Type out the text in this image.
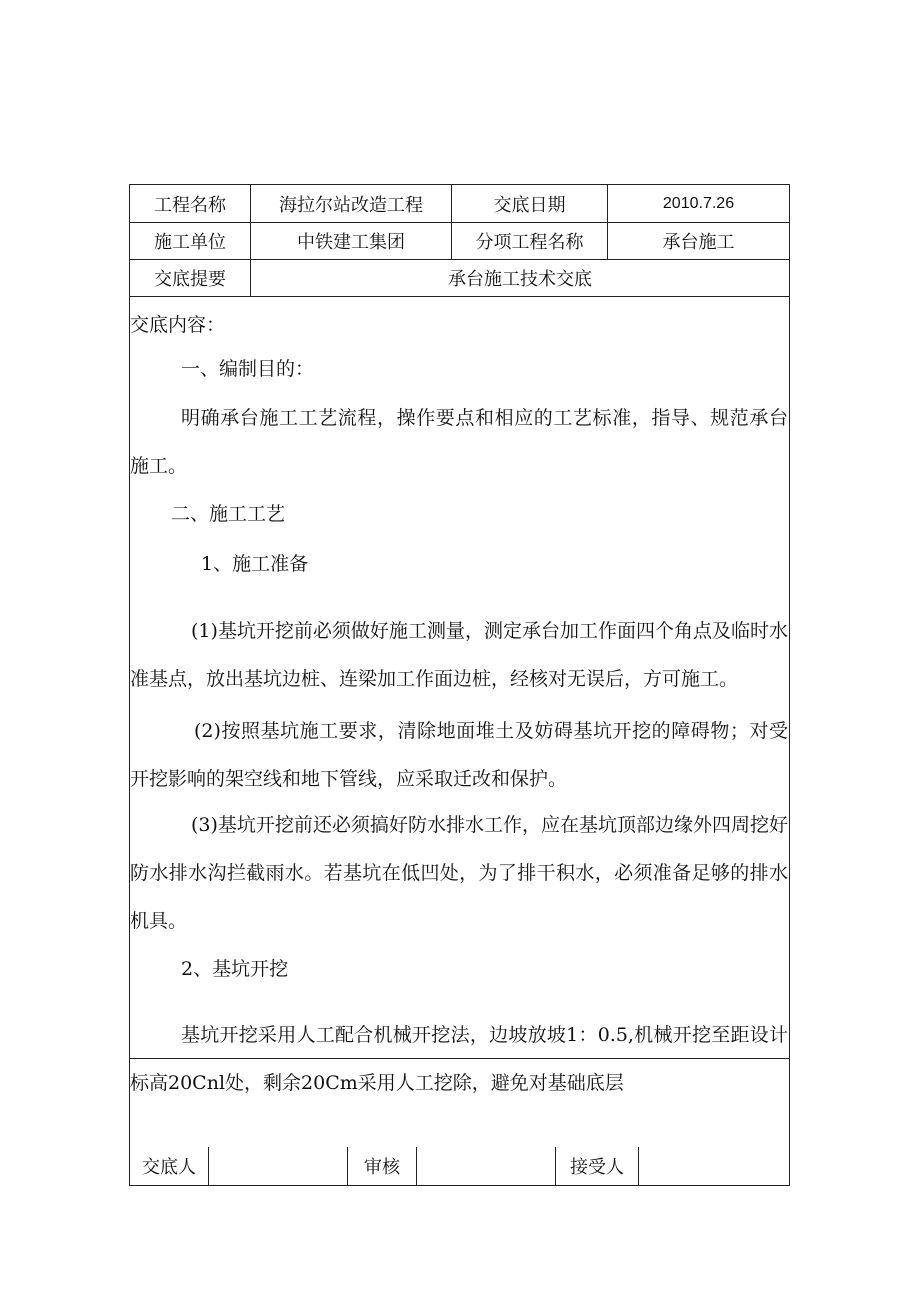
工程名称	海拉尔站改造工程	交底日期	2010.7.26
施工单位	中铁建工集团	分项工程名称	承台施工
交底提要	承台施工技术交底
交底内容：
一、编制目的：
明确承台施工工艺流程，操作要点和相应的工艺标准，指导、规范承台施工。
二、施工工艺
1、施工准备
(1)基坑开挖前必须做好施工测量，测定承台加工作面四个角点及临时水准基点，放出基坑边桩、连梁加工作面边桩，经核对无误后，方可施工。
(2)按照基坑施工要求，清除地面堆土及妨碍基坑开挖的障碍物；对受开挖影响的架空线和地下管线，应采取迁改和保护。
(3)基坑开挖前还必须搞好防水排水工作，应在基坑顶部边缘外四周挖好防水排水沟拦截雨水。若基坑在低凹处，为了排干积水，必须准备足够的排水机具。
2、基坑开挖
基坑开挖采用人工配合机械开挖法，边坡放坡1：0.5,机械开挖至距设计标高20Cnl处，剩余20Cm采用人工挖除，避免对基础底层
交底人	审核	接受人
